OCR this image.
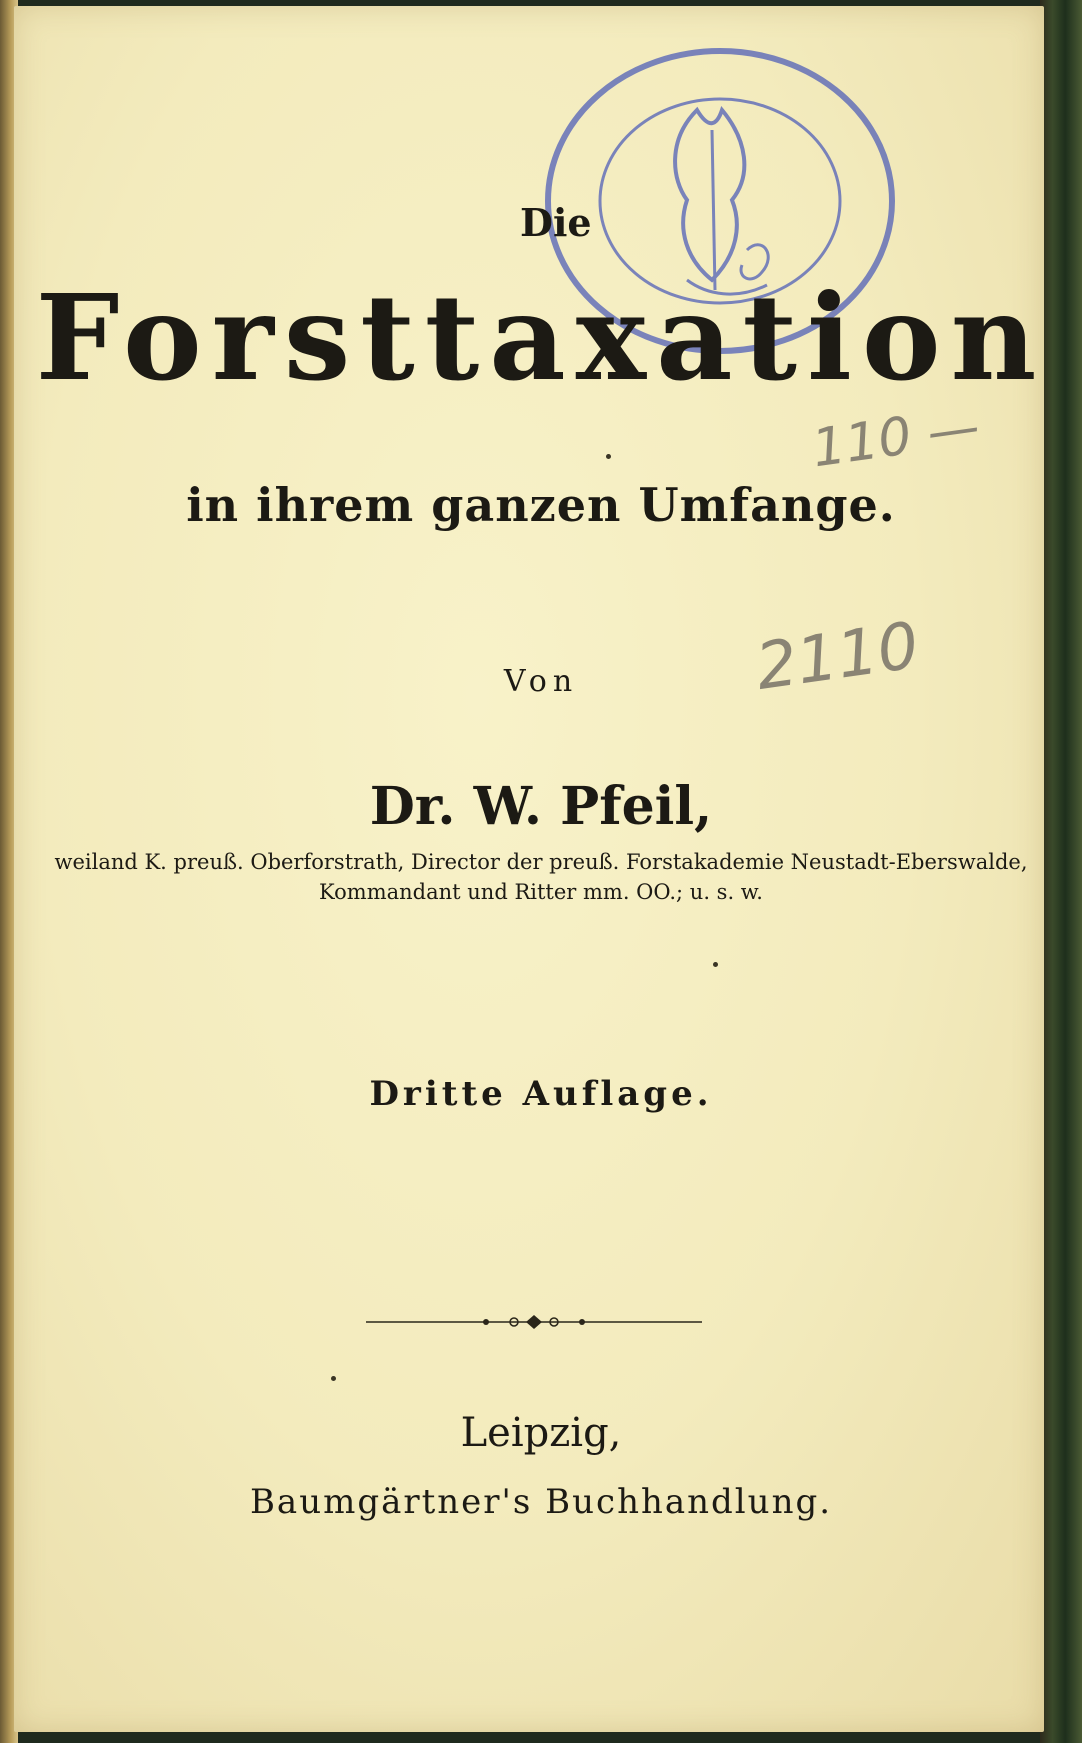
110 —
2110
Die
Forsttaxation
in ihrem ganzen Umfange.
Von
Dr. W. Pfeil,
weiland K. preuß. Oberforstrath, Director der preuß. Forstakademie Neustadt-Eberswalde,
Kommandant und Ritter mm. OO.; u. s. w.
Dritte Auflage.
Leipzig,
Baumgärtner's Buchhandlung.
